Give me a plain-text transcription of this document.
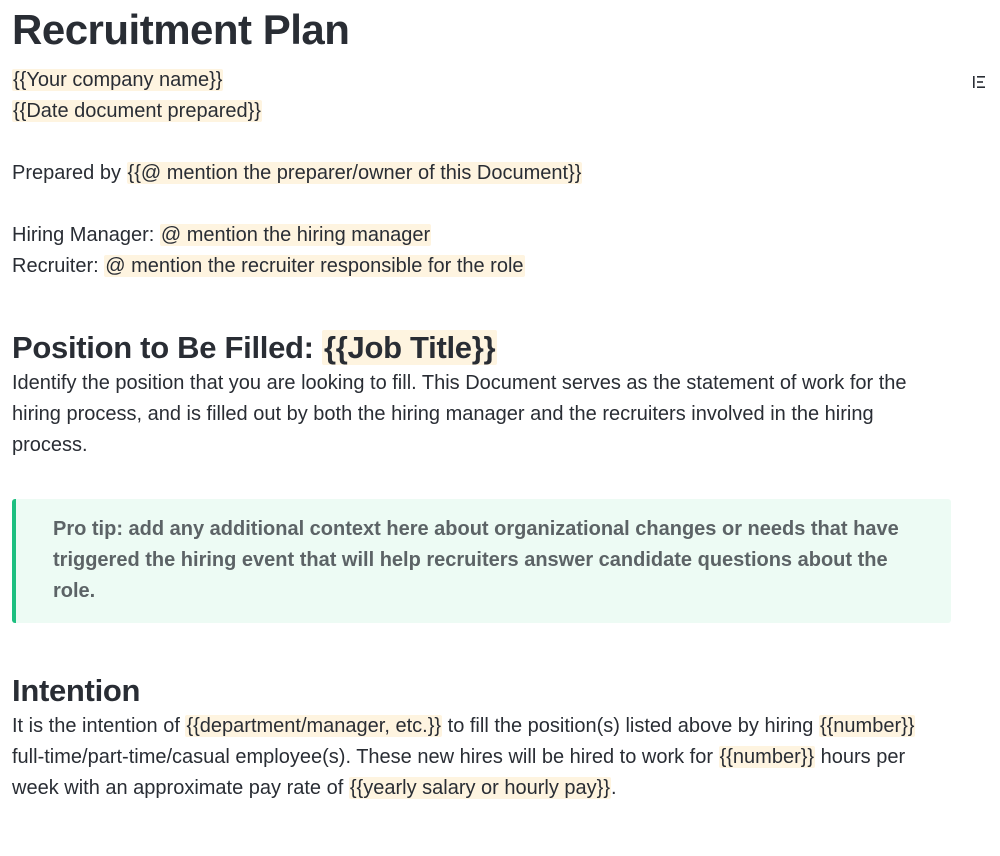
Recruitment Plan
{{Your company name}}
{{Date document prepared}}
Prepared by {{@ mention the preparer/owner of this Document}}
Hiring Manager: @ mention the hiring manager
Recruiter: @ mention the recruiter responsible for the role
Position to Be Filled: {{Job Title}}

Identify the position that you are looking to fill. This Document serves as the statement of work for the hiring process, and is filled out by both the hiring manager and the recruiters involved in the hiring process.

Pro tip: add any additional context here about organizational changes or needs that have triggered the hiring event that will help recruiters answer candidate questions about the role.
Intention

It is the intention of {{department/manager, etc.}} to fill the position(s) listed above by hiring {{number}} full-time/part-time/casual employee(s). These new hires will be hired to work for {{number}} hours per week with an approximate pay rate of {{yearly salary or hourly pay}}.
